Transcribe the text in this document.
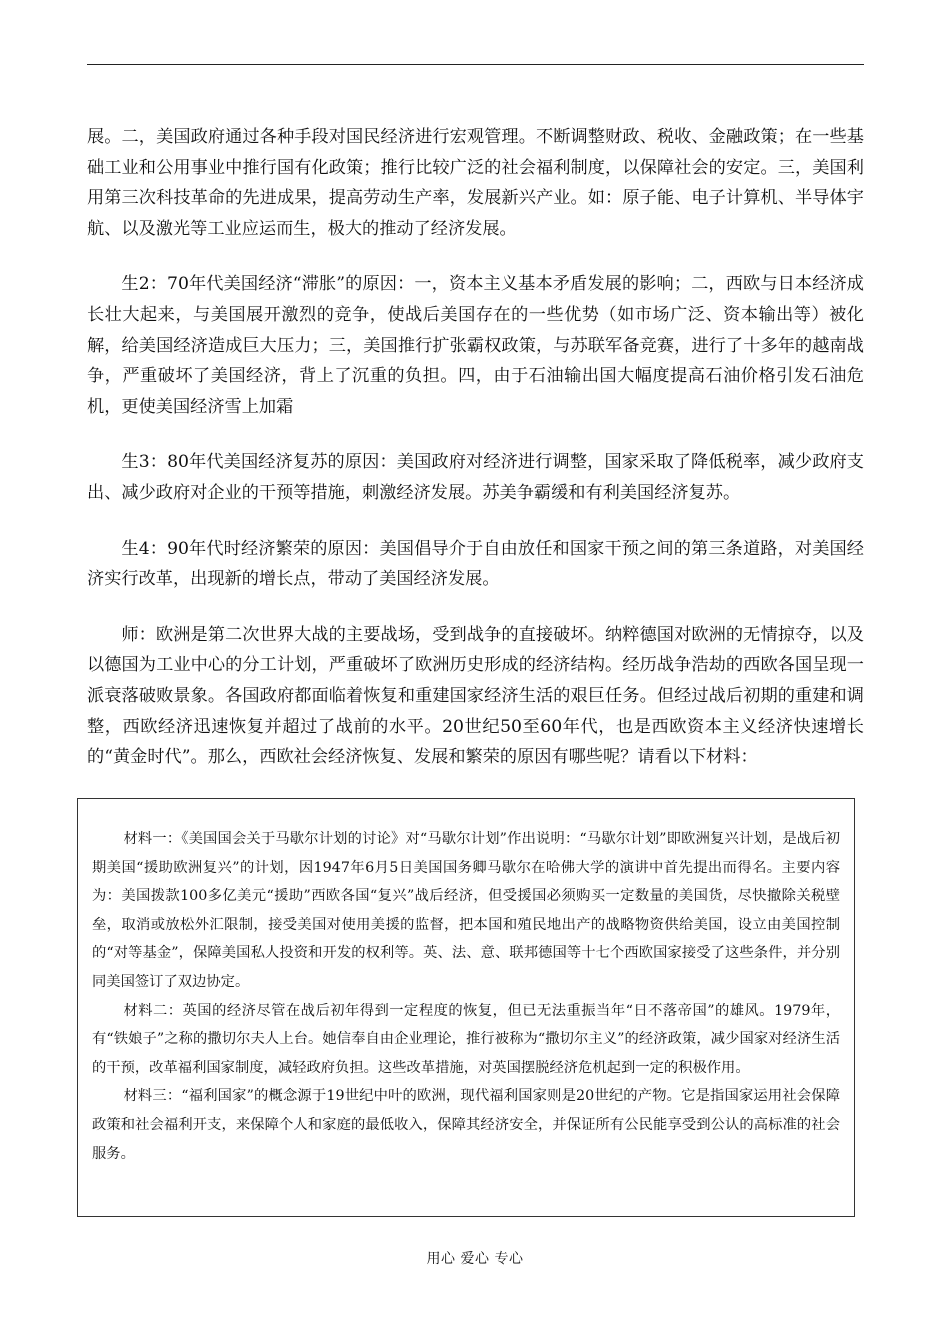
展。二，美国政府通过各种手段对国民经济进行宏观管理。不断调整财政、税收、金融政策；在一些基础工业和公用事业中推行国有化政策；推行比较广泛的社会福利制度，以保障社会的安定。三，美国利用第三次科技革命的先进成果，提高劳动生产率，发展新兴产业。如：原子能、电子计算机、半导体宇航、以及激光等工业应运而生，极大的推动了经济发展。

生2：70年代美国经济“滞胀”的原因：一，资本主义基本矛盾发展的影响；二，西欧与日本经济成长壮大起来，与美国展开激烈的竞争，使战后美国存在的一些优势（如市场广泛、资本输出等）被化解，给美国经济造成巨大压力；三，美国推行扩张霸权政策，与苏联军备竞赛，进行了十多年的越南战争，严重破坏了美国经济，背上了沉重的负担。四，由于石油输出国大幅度提高石油价格引发石油危机，更使美国经济雪上加霜

生3：80年代美国经济复苏的原因：美国政府对经济进行调整，国家采取了降低税率，减少政府支出、减少政府对企业的干预等措施，刺激经济发展。苏美争霸缓和有利美国经济复苏。

生4：90年代时经济繁荣的原因：美国倡导介于自由放任和国家干预之间的第三条道路，对美国经济实行改革，出现新的增长点，带动了美国经济发展。

师：欧洲是第二次世界大战的主要战场，受到战争的直接破坏。纳粹德国对欧洲的无情掠夺，以及以德国为工业中心的分工计划，严重破坏了欧洲历史形成的经济结构。经历战争浩劫的西欧各国呈现一派衰落破败景象。各国政府都面临着恢复和重建国家经济生活的艰巨任务。但经过战后初期的重建和调整，西欧经济迅速恢复并超过了战前的水平。20世纪50至60年代，也是西欧资本主义经济快速增长的“黄金时代”。那么，西欧社会经济恢复、发展和繁荣的原因有哪些呢？请看以下材料：

材料一：《美国国会关于马歇尔计划的讨论》对“马歇尔计划”作出说明：“马歇尔计划”即欧洲复兴计划，是战后初期美国“援助欧洲复兴”的计划，因1947年6月5日美国国务卿马歇尔在哈佛大学的演讲中首先提出而得名。主要内容为：美国拨款100多亿美元“援助”西欧各国“复兴”战后经济，但受援国必须购买一定数量的美国货，尽快撤除关税壁垒，取消或放松外汇限制，接受美国对使用美援的监督，把本国和殖民地出产的战略物资供给美国，设立由美国控制的“对等基金”，保障美国私人投资和开发的权利等。英、法、意、联邦德国等十七个西欧国家接受了这些条件，并分别同美国签订了双边协定。

材料二：英国的经济尽管在战后初年得到一定程度的恢复，但已无法重振当年“日不落帝国”的雄风。1979年，有“铁娘子”之称的撒切尔夫人上台。她信奉自由企业理论，推行被称为“撒切尔主义”的经济政策，减少国家对经济生活的干预，改革福利国家制度，减轻政府负担。这些改革措施，对英国摆脱经济危机起到一定的积极作用。

材料三：“福利国家”的概念源于19世纪中叶的欧洲，现代福利国家则是20世纪的产物。它是指国家运用社会保障政策和社会福利开支，来保障个人和家庭的最低收入，保障其经济安全，并保证所有公民能享受到公认的高标准的社会服务。

用心 爱心 专心
